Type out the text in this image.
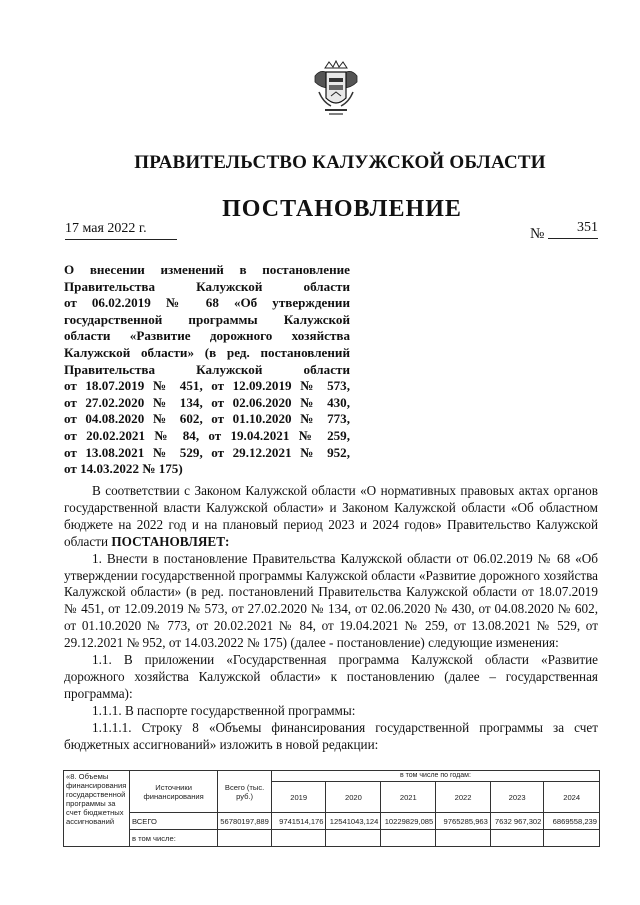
ПРАВИТЕЛЬСТВО КАЛУЖСКОЙ ОБЛАСТИ
ПОСТАНОВЛЕНИЕ
17 мая 2022 г.	№	351
О внесении изменений в постановление
Правительства Калужской области
от 06.02.2019 № 68 «Об утверждении
государственной программы Калужской
области «Развитие дорожного хозяйства
Калужской области» (в ред. постановлений
Правительства Калужской области
от 18.07.2019 № 451, от 12.09.2019 № 573,
от 27.02.2020 № 134, от 02.06.2020 № 430,
от 04.08.2020 № 602, от 01.10.2020 № 773,
от 20.02.2021 № 84, от 19.04.2021 № 259,
от 13.08.2021 № 529, от 29.12.2021 № 952,
от 14.03.2022 № 175)

В соответствии с Законом Калужской области «О нормативных правовых актах органов государственной власти Калужской области» и Законом Калужской области «Об областном бюджете на 2022 год и на плановый период 2023 и 2024 годов» Правительство Калужской области ПОСТАНОВЛЯЕТ:

1. Внести в постановление Правительства Калужской области от 06.02.2019 № 68 «Об утверждении государственной программы Калужской области «Развитие дорожного хозяйства Калужской области» (в ред. постановлений Правительства Калужской области от 18.07.2019 № 451, от 12.09.2019 № 573, от 27.02.2020 № 134, от 02.06.2020 № 430, от 04.08.2020 № 602, от 01.10.2020 № 773, от 20.02.2021 № 84, от 19.04.2021 № 259, от 13.08.2021 № 529, от 29.12.2021 № 952, от 14.03.2022 № 175) (далее - постановление) следующие изменения:

1.1. В приложении «Государственная программа Калужской области «Развитие дорожного хозяйства Калужской области» к постановлению (далее – государственная программа):

1.1.1. В паспорте государственной программы:

1.1.1.1. Строку 8 «Объемы финансирования государственной программы за счет бюджетных ассигнований» изложить в новой редакции:

«8. Объемы финансирования государственной программы за счет бюджетных ассигнований	Источники финансирования	Всего (тыс. руб.)	в том числе по годам:					
			2019	2020	2021	2022	2023	2024
	ВСЕГО	56780197,889	9741514,176	12541043,124	10229829,085	9765285,963	7632 967,302	6869558,239
	в том числе:							
